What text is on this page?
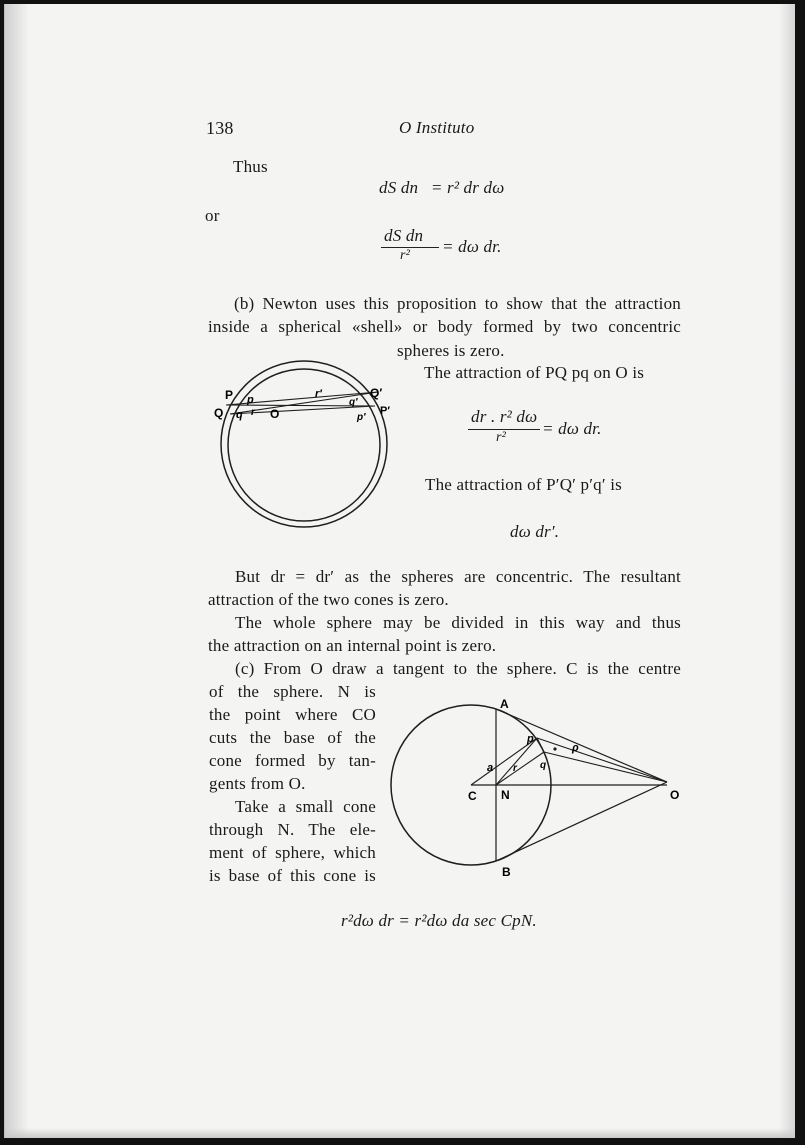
138	O Instituto
Thus
dS dn = r² dr dω
or
dS dn
r² = dω dr.
(b) Newton uses this proposition to show that the attraction
inside a spherical «shell» or body formed by two concentric
spheres is zero.
The attraction of PQ pq on O is
dr . r² dω
r² = dω dr.
The attraction of P′Q′ p′q′ is
dω dr′.
P
Q
p
q r O
r′	Q′
q′
p′
P′
But dr = dr′ as the spheres are concentric. The resultant
attraction of the two cones is zero.
The whole sphere may be divided in this way and thus
the attraction on an internal point is zero.
(c) From O draw a tangent to the sphere. C is the centre
of the sphere. N is
the point where CO
cuts the base of the
cone formed by tan-
gents from O.
Take a small cone
through N. The ele-
ment of sphere, which
is base of this cone is
A
B
C N	O
a
p
q
r
ρ
r²dω dr = r²dω da sec CpN.
